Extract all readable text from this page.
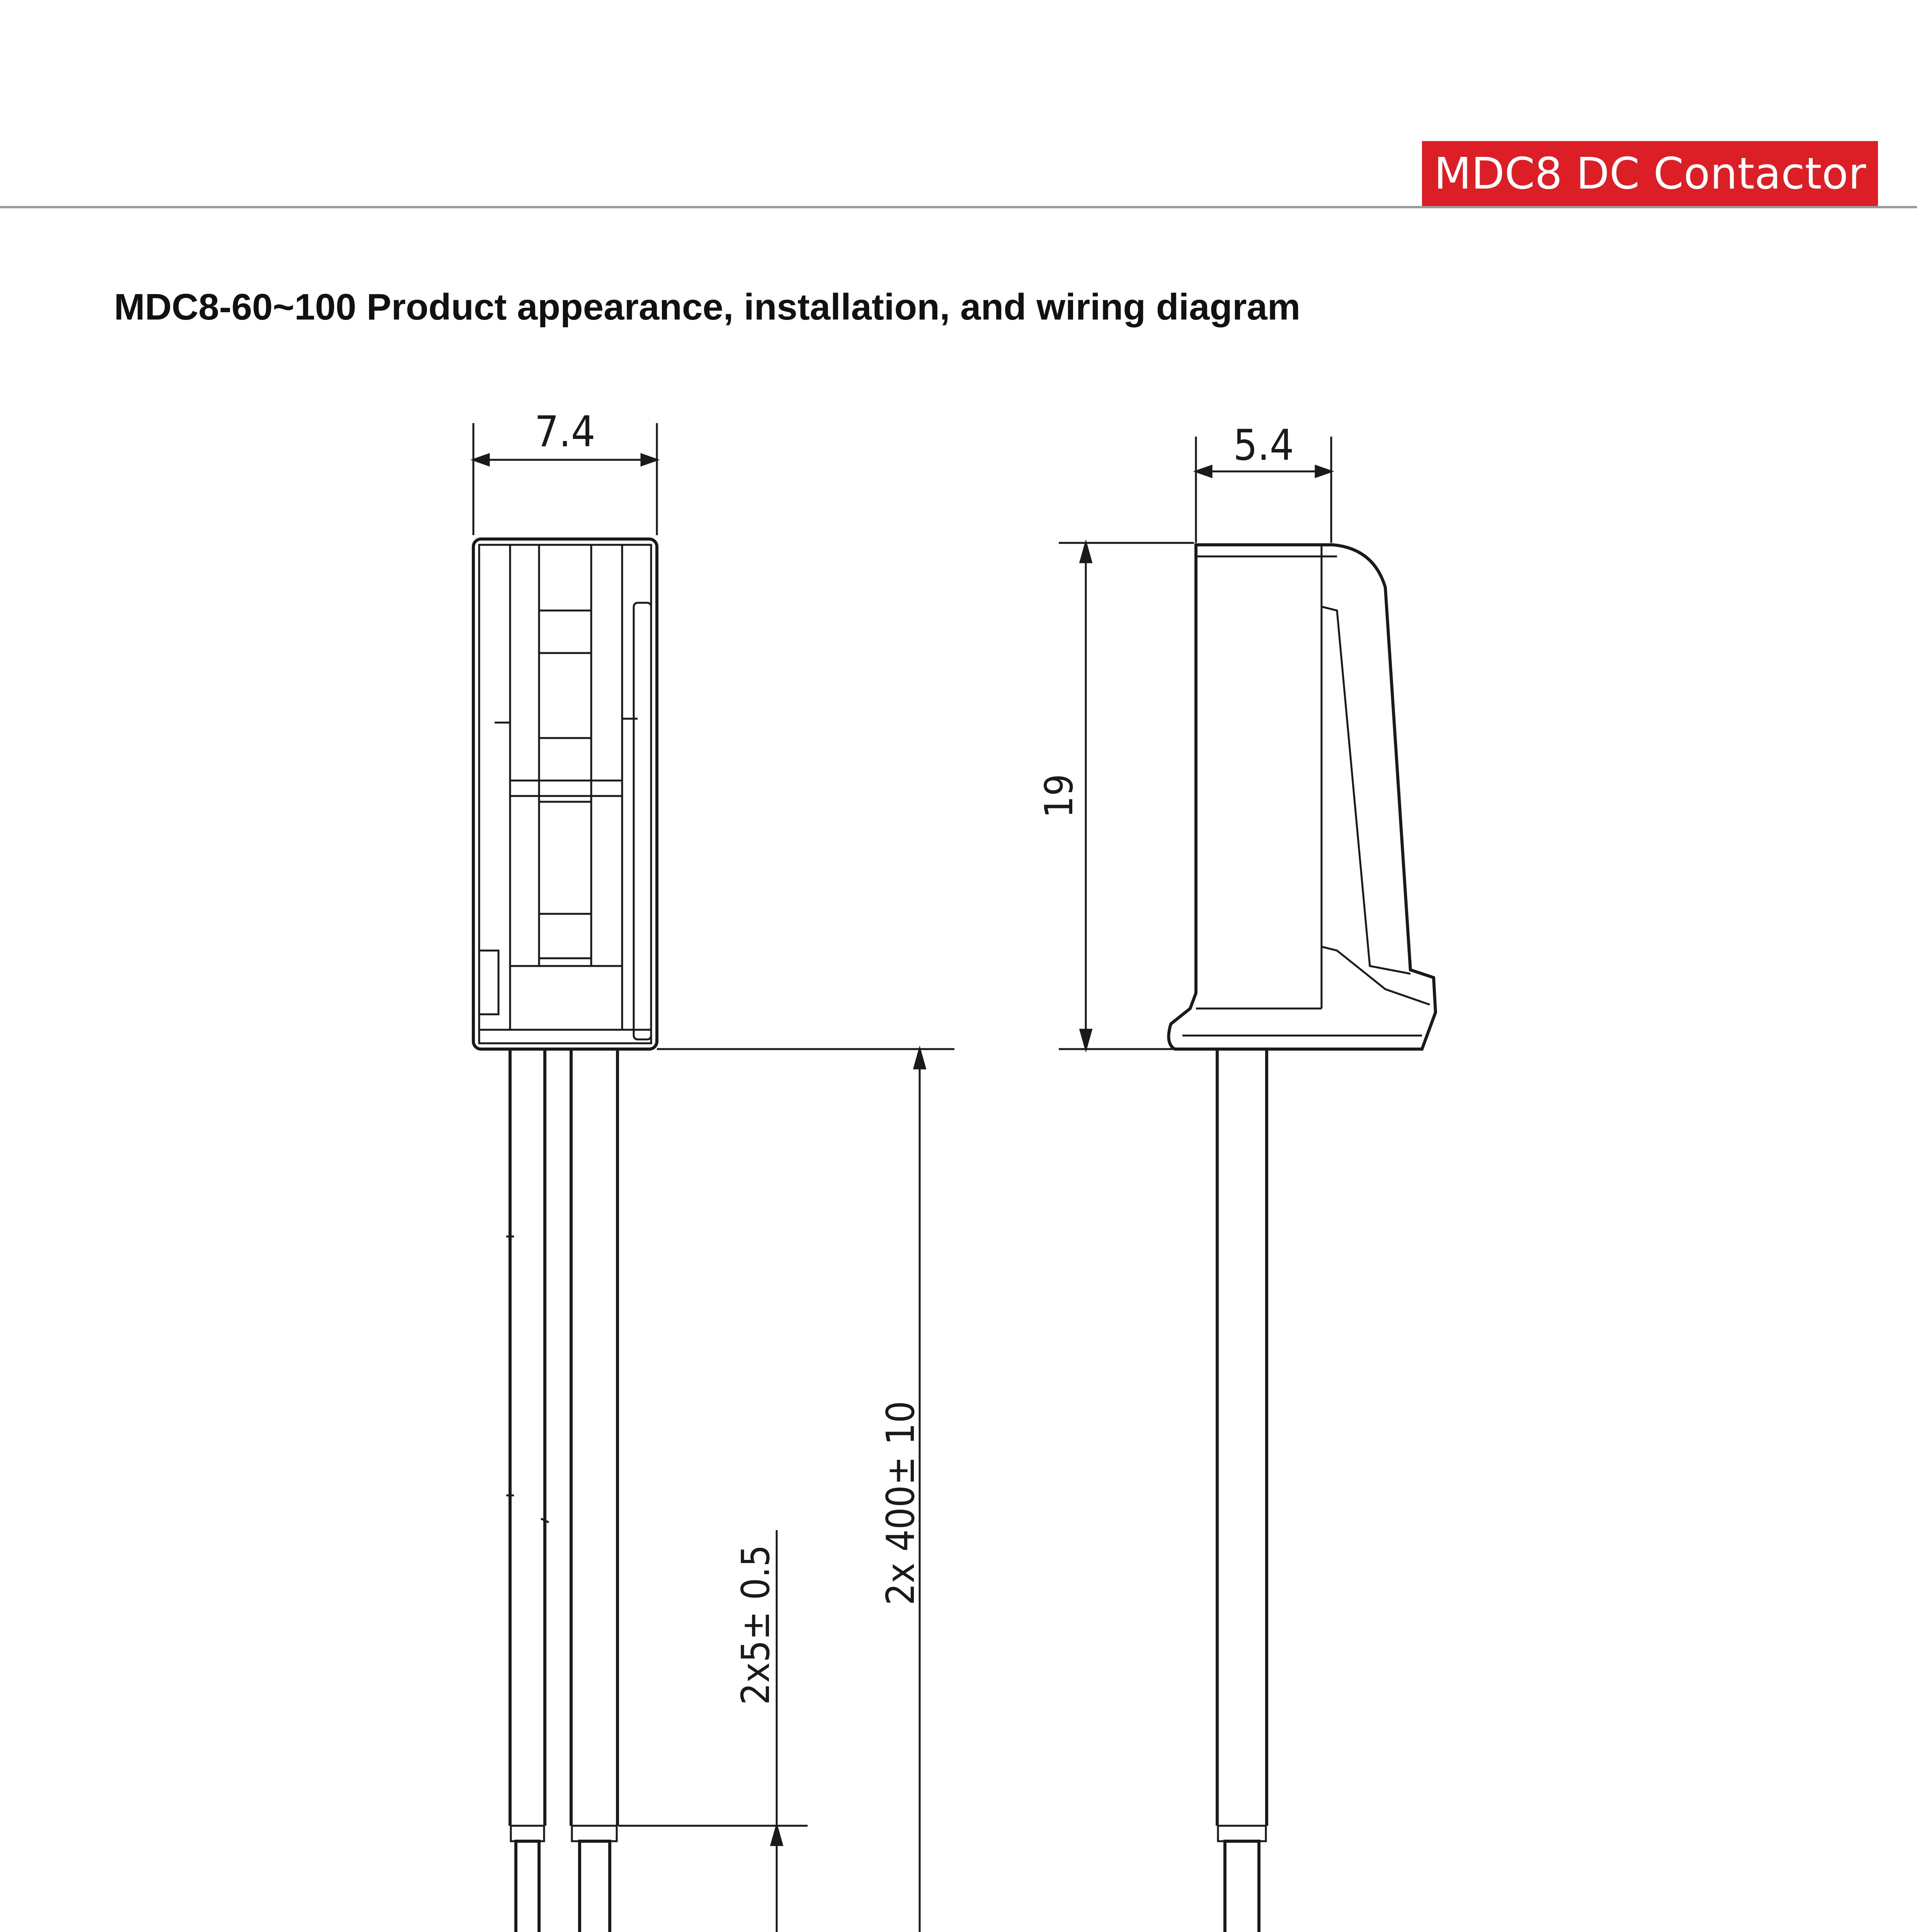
MDC8 DC Contactor
MDC8-60~100 Product appearance, installation, and wiring diagram
7.4	5.4
19
2x 400± 10
2x5± 0.5
